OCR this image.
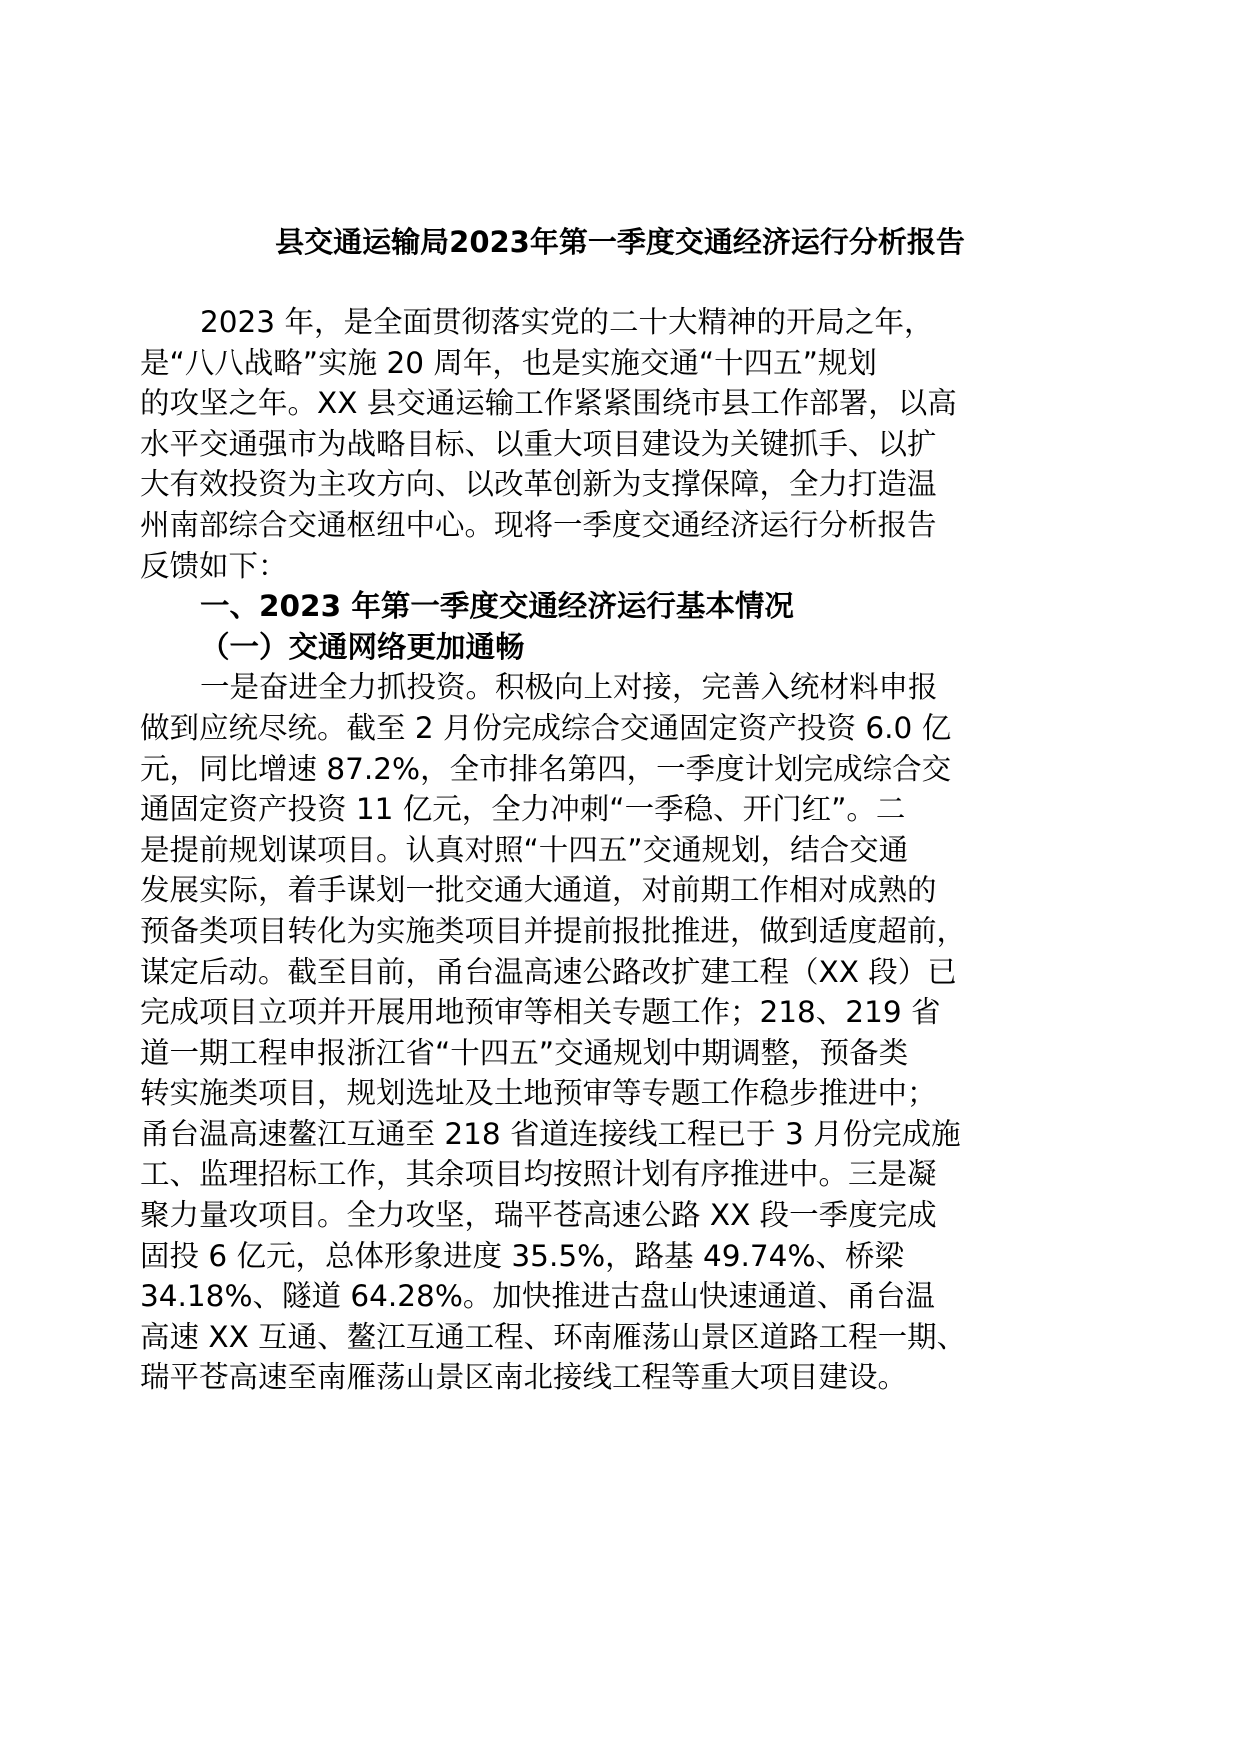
县交通运输局2023年第一季度交通经济运行分析报告
2023 年，是全面贯彻落实党的二十大精神的开局之年，
是“八八战略”实施 20 周年，也是实施交通“十四五”规划
的攻坚之年。XX 县交通运输工作紧紧围绕市县工作部署，以高
水平交通强市为战略目标、以重大项目建设为关键抓手、以扩
大有效投资为主攻方向、以改革创新为支撑保障，全力打造温
州南部综合交通枢纽中心。现将一季度交通经济运行分析报告
反馈如下：
一、2023 年第一季度交通经济运行基本情况
（一）交通网络更加通畅
一是奋进全力抓投资。积极向上对接，完善入统材料申报
做到应统尽统。截至 2 月份完成综合交通固定资产投资 6.0 亿
元，同比增速 87.2%，全市排名第四，一季度计划完成综合交
通固定资产投资 11 亿元，全力冲刺“一季稳、开门红”。二
是提前规划谋项目。认真对照“十四五”交通规划，结合交通
发展实际，着手谋划一批交通大通道，对前期工作相对成熟的
预备类项目转化为实施类项目并提前报批推进，做到适度超前，
谋定后动。截至目前，甬台温高速公路改扩建工程（XX 段）已
完成项目立项并开展用地预审等相关专题工作；218、219 省
道一期工程申报浙江省“十四五”交通规划中期调整，预备类
转实施类项目，规划选址及土地预审等专题工作稳步推进中；
甬台温高速鳌江互通至 218 省道连接线工程已于 3 月份完成施
工、监理招标工作，其余项目均按照计划有序推进中。三是凝
聚力量攻项目。全力攻坚，瑞平苍高速公路 XX 段一季度完成
固投 6 亿元，总体形象进度 35.5%，路基 49.74%、桥梁
34.18%、隧道 64.28%。加快推进古盘山快速通道、甬台温
高速 XX 互通、鳌江互通工程、环南雁荡山景区道路工程一期、
瑞平苍高速至南雁荡山景区南北接线工程等重大项目建设。
